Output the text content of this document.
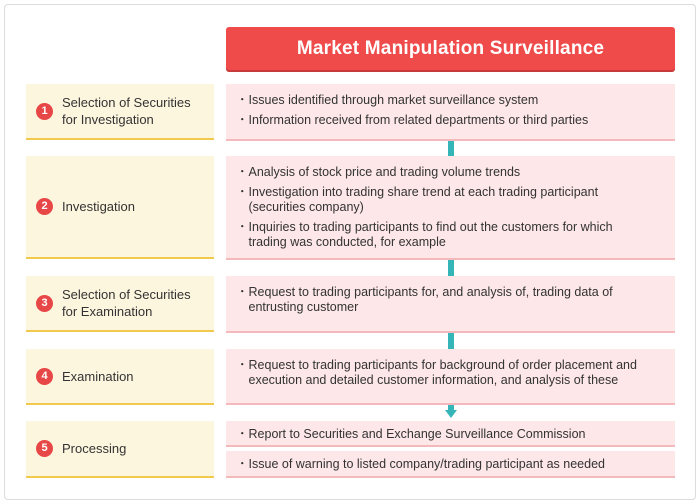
Market Manipulation Surveillance
1
Selection of Securities
for Investigation
・ Issues identified through market surveillance system
・ Information received from related departments or third parties
2	Investigation
・ Analysis of stock price and trading volume trends
・ Investigation into trading share trend at each trading participant
(securities company)
・ Inquiries to trading participants to find out the customers for which
trading was conducted, for example
3
Selection of Securities
for Examination
・ Request to trading participants for, and analysis of, trading data of
entrusting customer
4	Examination
・ Request to trading participants for background of order placement and
execution and detailed customer information, and analysis of these
5	Processing
・ Report to Securities and Exchange Surveillance Commission
・ Issue of warning to listed company/trading participant as needed
